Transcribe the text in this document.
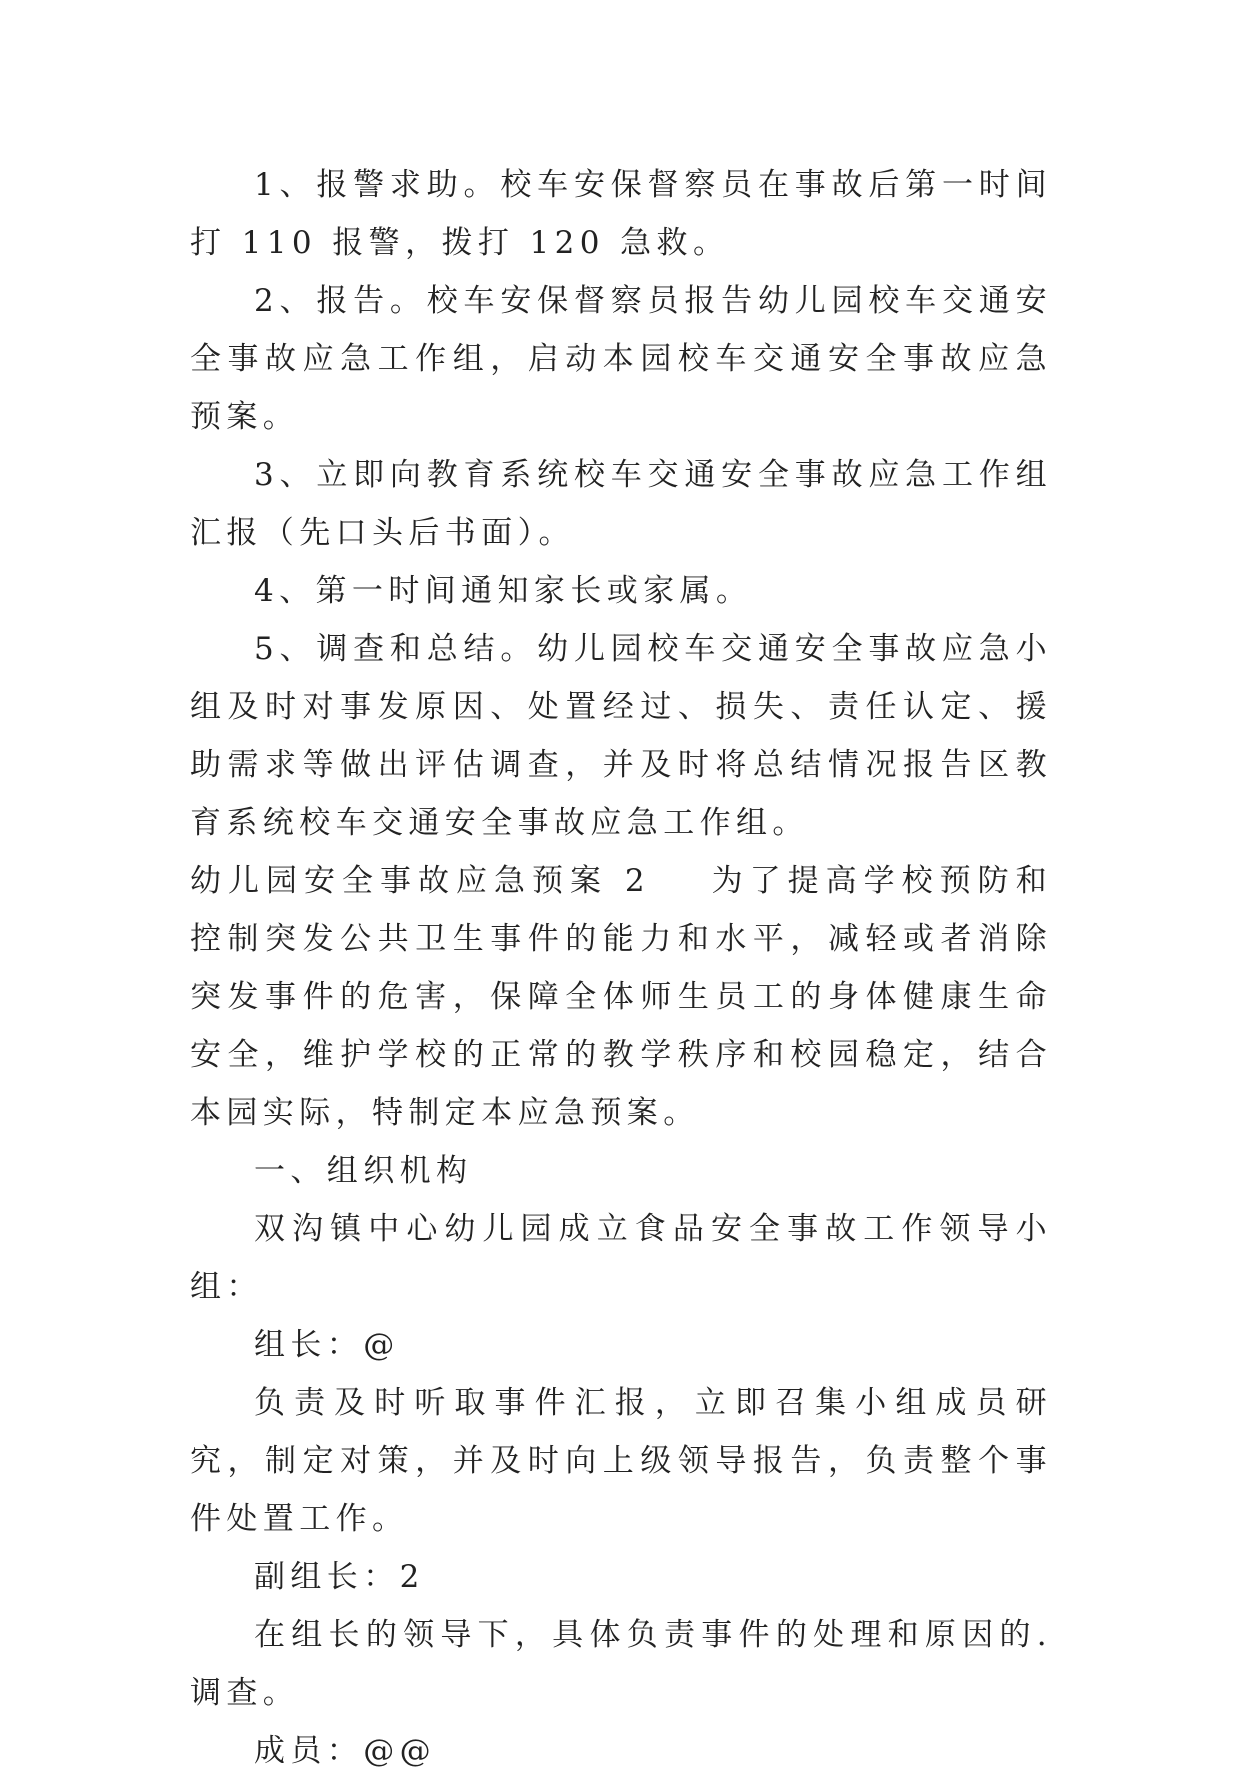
1、报警求助。校车安保督察员在事故后第一时间打 110 报警，拨打 120 急救。

2、报告。校车安保督察员报告幼儿园校车交通安全事故应急工作组，启动本园校车交通安全事故应急预案。

3、立即向教育系统校车交通安全事故应急工作组汇报（先口头后书面）。

4、第一时间通知家长或家属。

5、调查和总结。幼儿园校车交通安全事故应急小组及时对事发原因、处置经过、损失、责任认定、援助需求等做出评估调查，并及时将总结情况报告区教育系统校车交通安全事故应急工作组。

幼儿园安全事故应急预案 2 为了提高学校预防和控制突发公共卫生事件的能力和水平，减轻或者消除突发事件的危害，保障全体师生员工的身体健康生命安全，维护学校的正常的教学秩序和校园稳定，结合本园实际，特制定本应急预案。

一、组织机构

双沟镇中心幼儿园成立食品安全事故工作领导小组：

组长：@

负责及时听取事件汇报，立即召集小组成员研究，制定对策，并及时向上级领导报告，负责整个事件处置工作。

副组长：2

在组长的领导下，具体负责事件的处理和原因的.调查。

成员：@@
